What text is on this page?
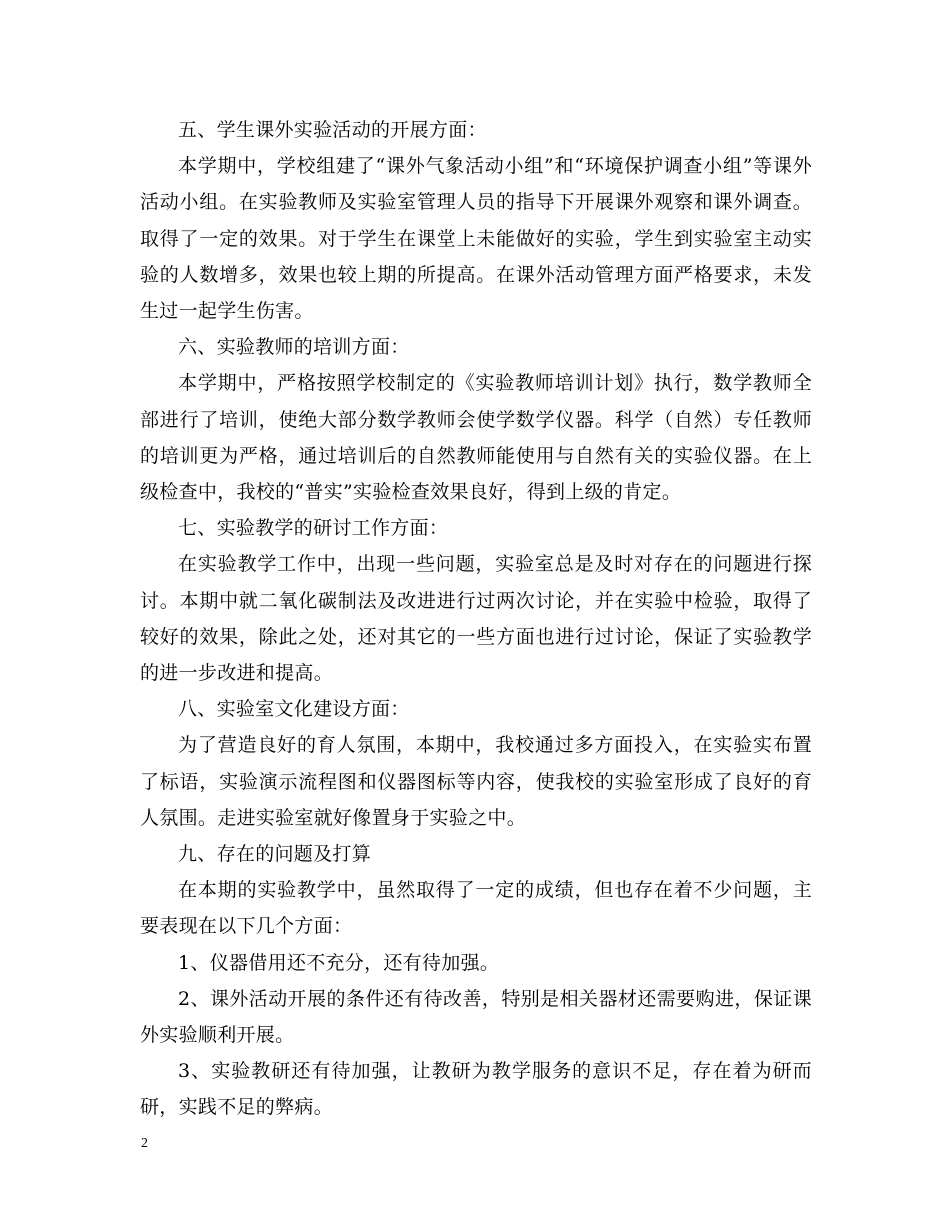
五、学生课外实验活动的开展方面：

本学期中，学校组建了“课外气象活动小组”和“环境保护调查小组”等课外活动小组。在实验教师及实验室管理人员的指导下开展课外观察和课外调查。取得了一定的效果。对于学生在课堂上未能做好的实验，学生到实验室主动实验的人数增多，效果也较上期的所提高。在课外活动管理方面严格要求，未发生过一起学生伤害。

六、实验教师的培训方面：

本学期中，严格按照学校制定的《实验教师培训计划》执行，数学教师全部进行了培训，使绝大部分数学教师会使学数学仪器。科学（自然）专任教师的培训更为严格，通过培训后的自然教师能使用与自然有关的实验仪器。在上级检查中，我校的“普实”实验检查效果良好，得到上级的肯定。

七、实验教学的研讨工作方面：

在实验教学工作中，出现一些问题，实验室总是及时对存在的问题进行探讨。本期中就二氧化碳制法及改进进行过两次讨论，并在实验中检验，取得了较好的效果，除此之处，还对其它的一些方面也进行过讨论，保证了实验教学的进一步改进和提高。

八、实验室文化建设方面：

为了营造良好的育人氛围，本期中，我校通过多方面投入，在实验实布置了标语，实验演示流程图和仪器图标等内容，使我校的实验室形成了良好的育人氛围。走进实验室就好像置身于实验之中。

九、存在的问题及打算

在本期的实验教学中，虽然取得了一定的成绩，但也存在着不少问题，主要表现在以下几个方面：

1、仪器借用还不充分，还有待加强。

2、课外活动开展的条件还有待改善，特别是相关器材还需要购进，保证课外实验顺利开展。

3、实验教研还有待加强，让教研为教学服务的意识不足，存在着为研而研，实践不足的弊病。

2
